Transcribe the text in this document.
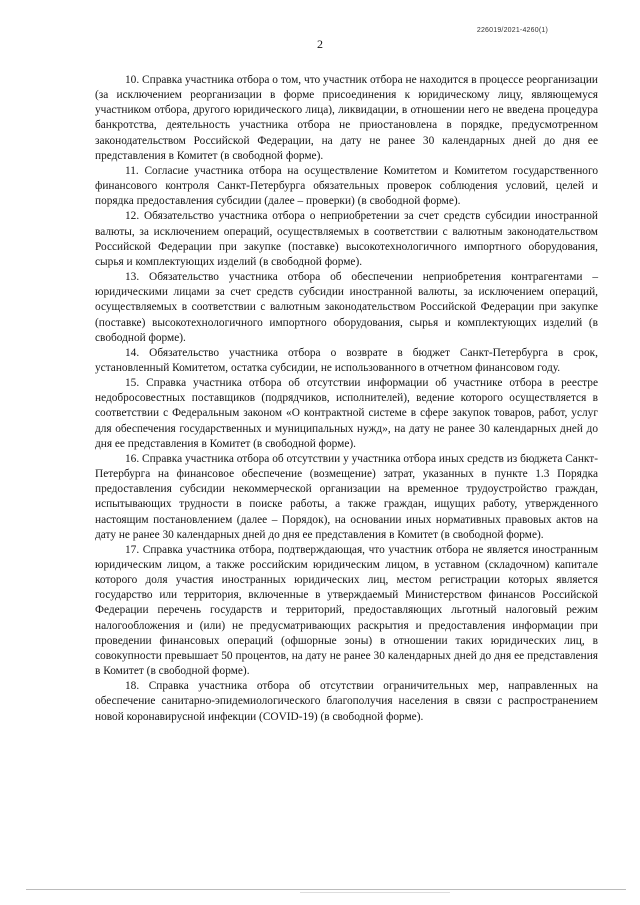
226019/2021-4260(1)
2

10. Справка участника отбора о том, что участник отбора не находится в процессе реорганизации (за исключением реорганизации в форме присоединения к юридическому лицу, являющемуся участником отбора, другого юридического лица), ликвидации, в отношении него не введена процедура банкротства, деятельность участника отбора не приостановлена в порядке, предусмотренном законодательством Российской Федерации, на дату не ранее 30 календарных дней до дня ее представления в Комитет (в свободной форме).

11. Согласие участника отбора на осуществление Комитетом и Комитетом государственного финансового контроля Санкт-Петербурга обязательных проверок соблюдения условий, целей и порядка предоставления субсидии (далее – проверки) (в свободной форме).

12. Обязательство участника отбора о неприобретении за счет средств субсидии иностранной валюты, за исключением операций, осуществляемых в соответствии с валютным законодательством Российской Федерации при закупке (поставке) высокотехнологичного импортного оборудования, сырья и комплектующих изделий (в свободной форме).

13. Обязательство участника отбора об обеспечении неприобретения контрагентами – юридическими лицами за счет средств субсидии иностранной валюты, за исключением операций, осуществляемых в соответствии с валютным законодательством Российской Федерации при закупке (поставке) высокотехнологичного импортного оборудования, сырья и комплектующих изделий (в свободной форме).

14. Обязательство участника отбора о возврате в бюджет Санкт-Петербурга в срок, установленный Комитетом, остатка субсидии, не использованного в отчетном финансовом году.

15. Справка участника отбора об отсутствии информации об участнике отбора в реестре недобросовестных поставщиков (подрядчиков, исполнителей), ведение которого осуществляется в соответствии с Федеральным законом «О контрактной системе в сфере закупок товаров, работ, услуг для обеспечения государственных и муниципальных нужд», на дату не ранее 30 календарных дней до дня ее представления в Комитет (в свободной форме).

16. Справка участника отбора об отсутствии у участника отбора иных средств из бюджета Санкт-Петербурга на финансовое обеспечение (возмещение) затрат, указанных в пункте 1.3 Порядка предоставления субсидии некоммерческой организации на временное трудоустройство граждан, испытывающих трудности в поиске работы, а также граждан, ищущих работу, утвержденного настоящим постановлением (далее – Порядок), на основании иных нормативных правовых актов на дату не ранее 30 календарных дней до дня ее представления в Комитет (в свободной форме).

17. Справка участника отбора, подтверждающая, что участник отбора не является иностранным юридическим лицом, а также российским юридическим лицом, в уставном (складочном) капитале которого доля участия иностранных юридических лиц, местом регистрации которых является государство или территория, включенные в утверждаемый Министерством финансов Российской Федерации перечень государств и территорий, предоставляющих льготный налоговый режим налогообложения и (или) не предусматривающих раскрытия и предоставления информации при проведении финансовых операций (офшорные зоны) в отношении таких юридических лиц, в совокупности превышает 50 процентов, на дату не ранее 30 календарных дней до дня ее представления в Комитет (в свободной форме).

18. Справка участника отбора об отсутствии ограничительных мер, направленных на обеспечение санитарно-эпидемиологического благополучия населения в связи с распространением новой коронавирусной инфекции (COVID-19) (в свободной форме).
